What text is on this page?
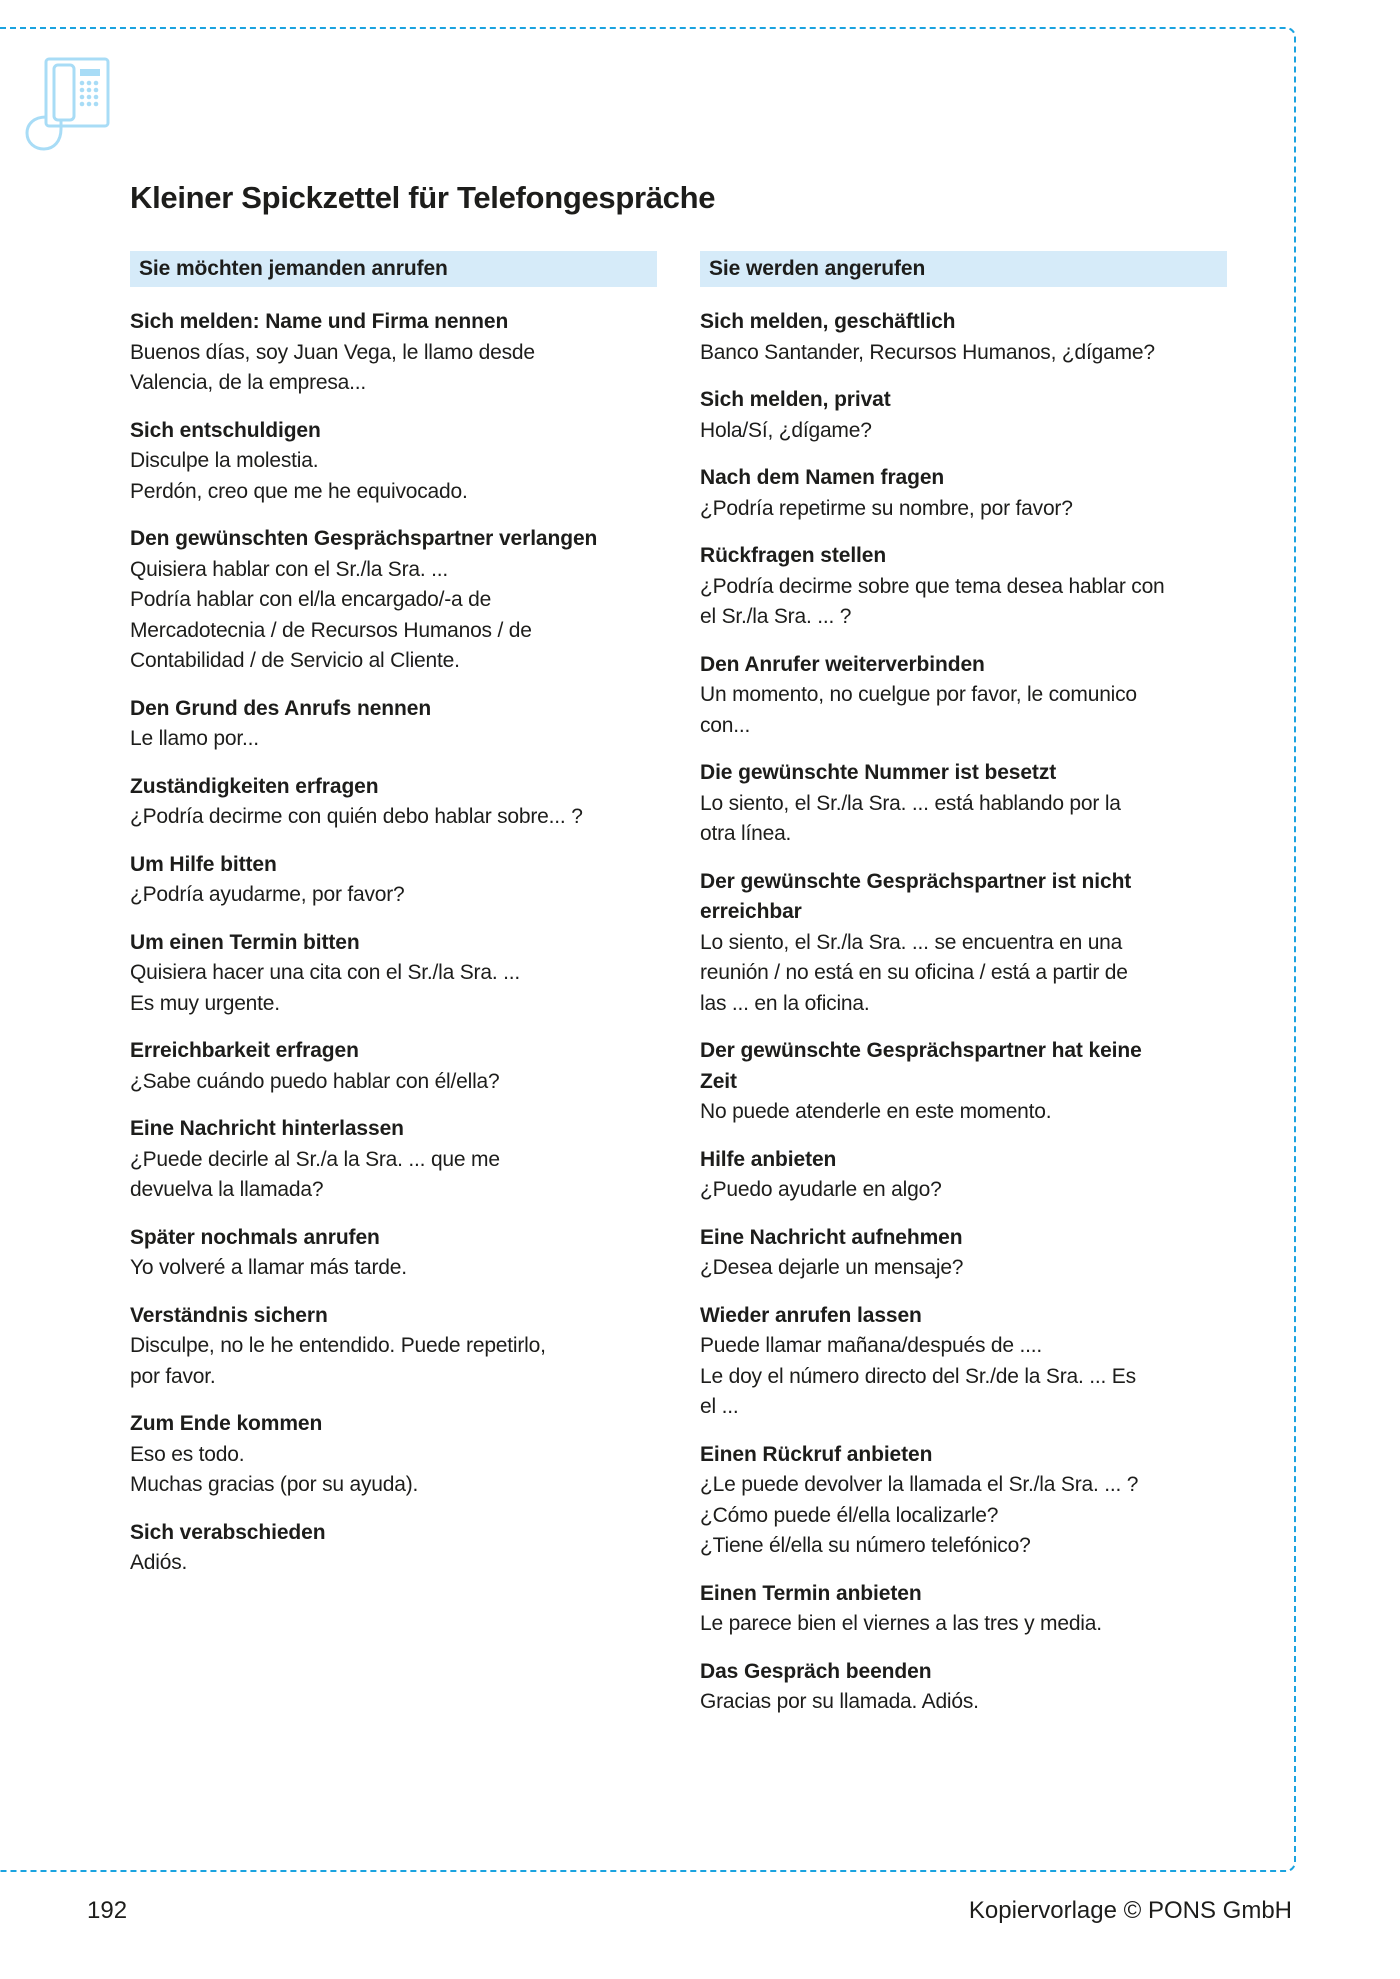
Kleiner Spickzettel für Telefongespräche
Sie möchten jemanden anrufen
Sich melden: Name und Firma nennen
Buenos días, soy Juan Vega, le llamo desde
Valencia, de la empresa...
Sich entschuldigen
Disculpe la molestia.
Perdón, creo que me he equivocado.
Den gewünschten Gesprächspartner verlangen
Quisiera hablar con el Sr./la Sra. ...
Podría hablar con el/la encargado/-a de
Mercadotecnia / de Recursos Humanos / de
Contabilidad / de Servicio al Cliente.
Den Grund des Anrufs nennen
Le llamo por...
Zuständigkeiten erfragen
¿Podría decirme con quién debo hablar sobre... ?
Um Hilfe bitten
¿Podría ayudarme, por favor?
Um einen Termin bitten
Quisiera hacer una cita con el Sr./la Sra. ...
Es muy urgente.
Erreichbarkeit erfragen
¿Sabe cuándo puedo hablar con él/ella?
Eine Nachricht hinterlassen
¿Puede decirle al Sr./a la Sra. ... que me
devuelva la llamada?
Später nochmals anrufen
Yo volveré a llamar más tarde.
Verständnis sichern
Disculpe, no le he entendido. Puede repetirlo,
por favor.
Zum Ende kommen
Eso es todo.
Muchas gracias (por su ayuda).
Sich verabschieden
Adiós.
Sie werden angerufen
Sich melden, geschäftlich
Banco Santander, Recursos Humanos, ¿dígame?
Sich melden, privat
Hola/Sí, ¿dígame?
Nach dem Namen fragen
¿Podría repetirme su nombre, por favor?
Rückfragen stellen
¿Podría decirme sobre que tema desea hablar con
el Sr./la Sra. ... ?
Den Anrufer weiterverbinden
Un momento, no cuelgue por favor, le comunico
con...
Die gewünschte Nummer ist besetzt
Lo siento, el Sr./la Sra. ... está hablando por la
otra línea.
Der gewünschte Gesprächspartner ist nicht
erreichbar
Lo siento, el Sr./la Sra. ... se encuentra en una
reunión / no está en su oficina / está a partir de
las ... en la oficina.
Der gewünschte Gesprächspartner hat keine
Zeit
No puede atenderle en este momento.
Hilfe anbieten
¿Puedo ayudarle en algo?
Eine Nachricht aufnehmen
¿Desea dejarle un mensaje?
Wieder anrufen lassen
Puede llamar mañana/después de ....
Le doy el número directo del Sr./de la Sra. ... Es
el ...
Einen Rückruf anbieten
¿Le puede devolver la llamada el Sr./la Sra. ... ?
¿Cómo puede él/ella localizarle?
¿Tiene él/ella su número telefónico?
Einen Termin anbieten
Le parece bien el viernes a las tres y media.
Das Gespräch beenden
Gracias por su llamada. Adiós.
192	Kopiervorlage © PONS GmbH
